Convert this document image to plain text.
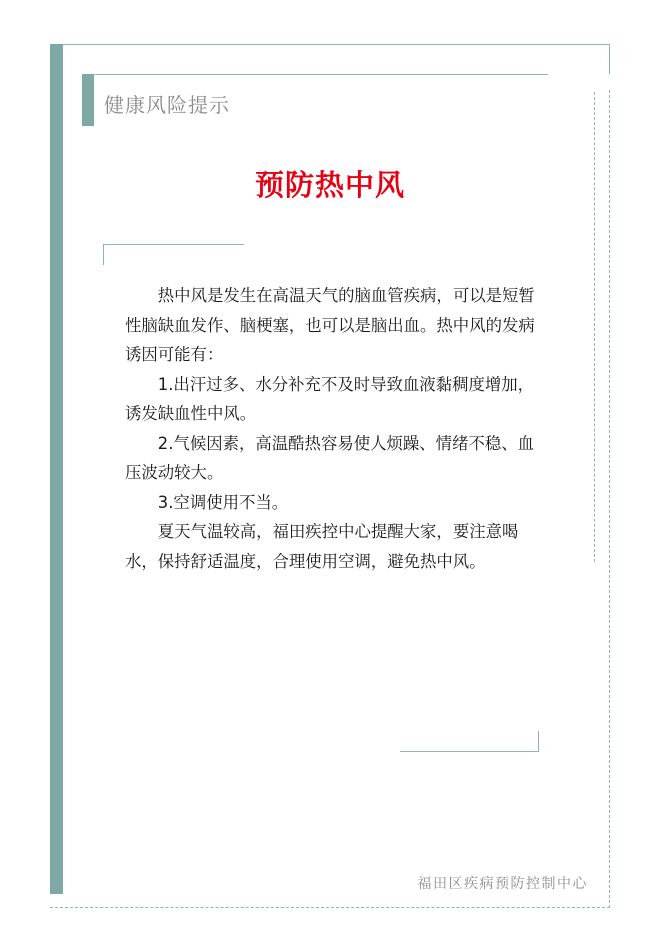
健康风险提示
预防热中风

热中风是发生在高温天气的脑血管疾病，可以是短暂性脑缺血发作、脑梗塞，也可以是脑出血。热中风的发病诱因可能有：

1.出汗过多、水分补充不及时导致血液黏稠度增加，诱发缺血性中风。

2.气候因素，高温酷热容易使人烦躁、情绪不稳、血压波动较大。

3.空调使用不当。

夏天气温较高，福田疾控中心提醒大家，要注意喝水，保持舒适温度，合理使用空调，避免热中风。

福田区疾病预防控制中心
